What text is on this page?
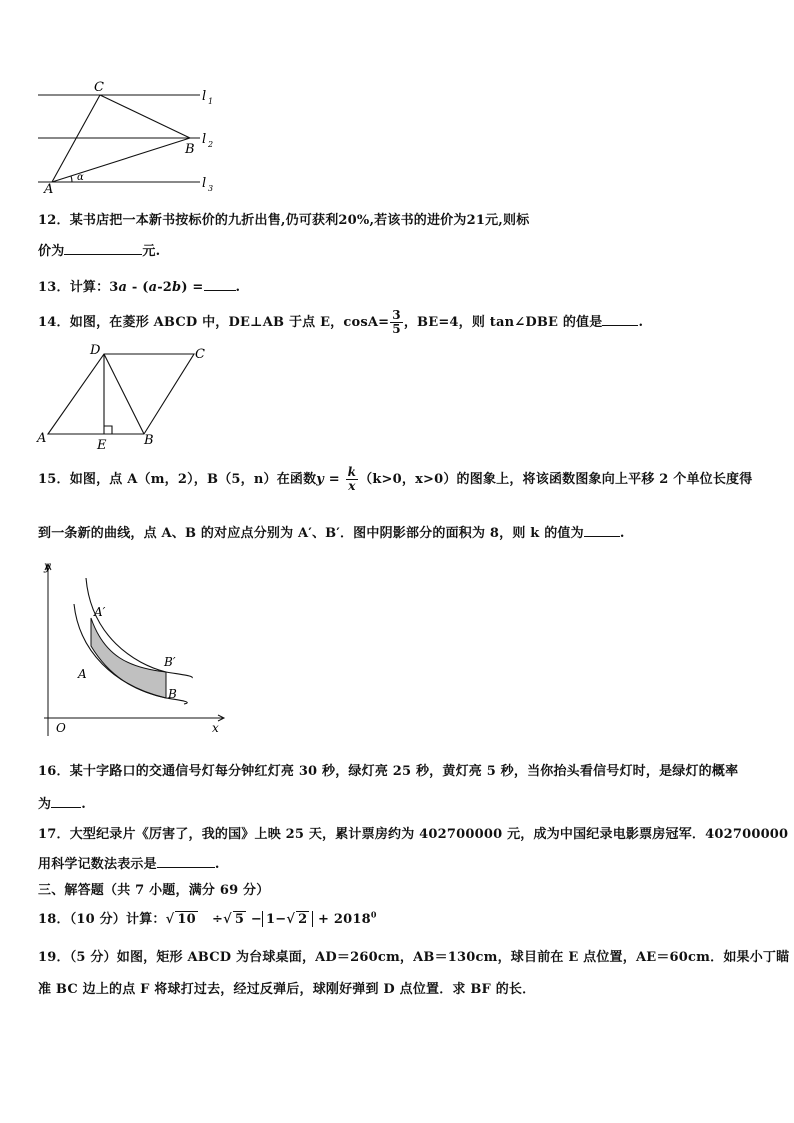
C
B
A
α
l 1
l 2
l 3
12．某书店把一本新书按标价的九折出售,仍可获利20%,若该书的进价为21元,则标
价为	元.
13．计算：3a - (a-2b) = .
14．如图，在菱形 ABCD 中，DE⊥AB 于点 E，$\cos A= \frac{3}{5}$ ，BE=4，则 tan∠DBE 的值是	.
D	C
A	E	B
15．如图，点 A（m，2），B（5，n）在函数$y = \frac{k}{x} (k>0$，x>0）的图象上，将该函数图象向上平移 2 个单位长度得
到一条新的曲线，点 A、B 的对应点分别为 A′、B′．图中阴影部分的面积为 8，则 k 的值为	.
y
x
O
A′
B′
A
B
16．某十字路口的交通信号灯每分钟红灯亮 30 秒，绿灯亮 25 秒，黄灯亮 5 秒，当你抬头看信号灯时，是绿灯的概率
为 .
17．大型纪录片《厉害了，我的国》上映 25 天，累计票房约为 402700000 元，成为中国纪录电影票房冠军．402700000
用科学记数法表示是	.
三、解答题（共 7 小题，满分 69 分）
18．（10 分）计算：√ 10 ÷√ 5 − 1−√ $2 + 2018^0$
19．（5 分）如图，矩形 ABCD 为台球桌面，AD＝260cm，AB＝130cm，球目前在 E 点位置，AE＝60cm．如果小丁瞄
准 BC 边上的点 F 将球打过去，经过反弹后，球刚好弹到 D 点位置．求 BF 的长．
